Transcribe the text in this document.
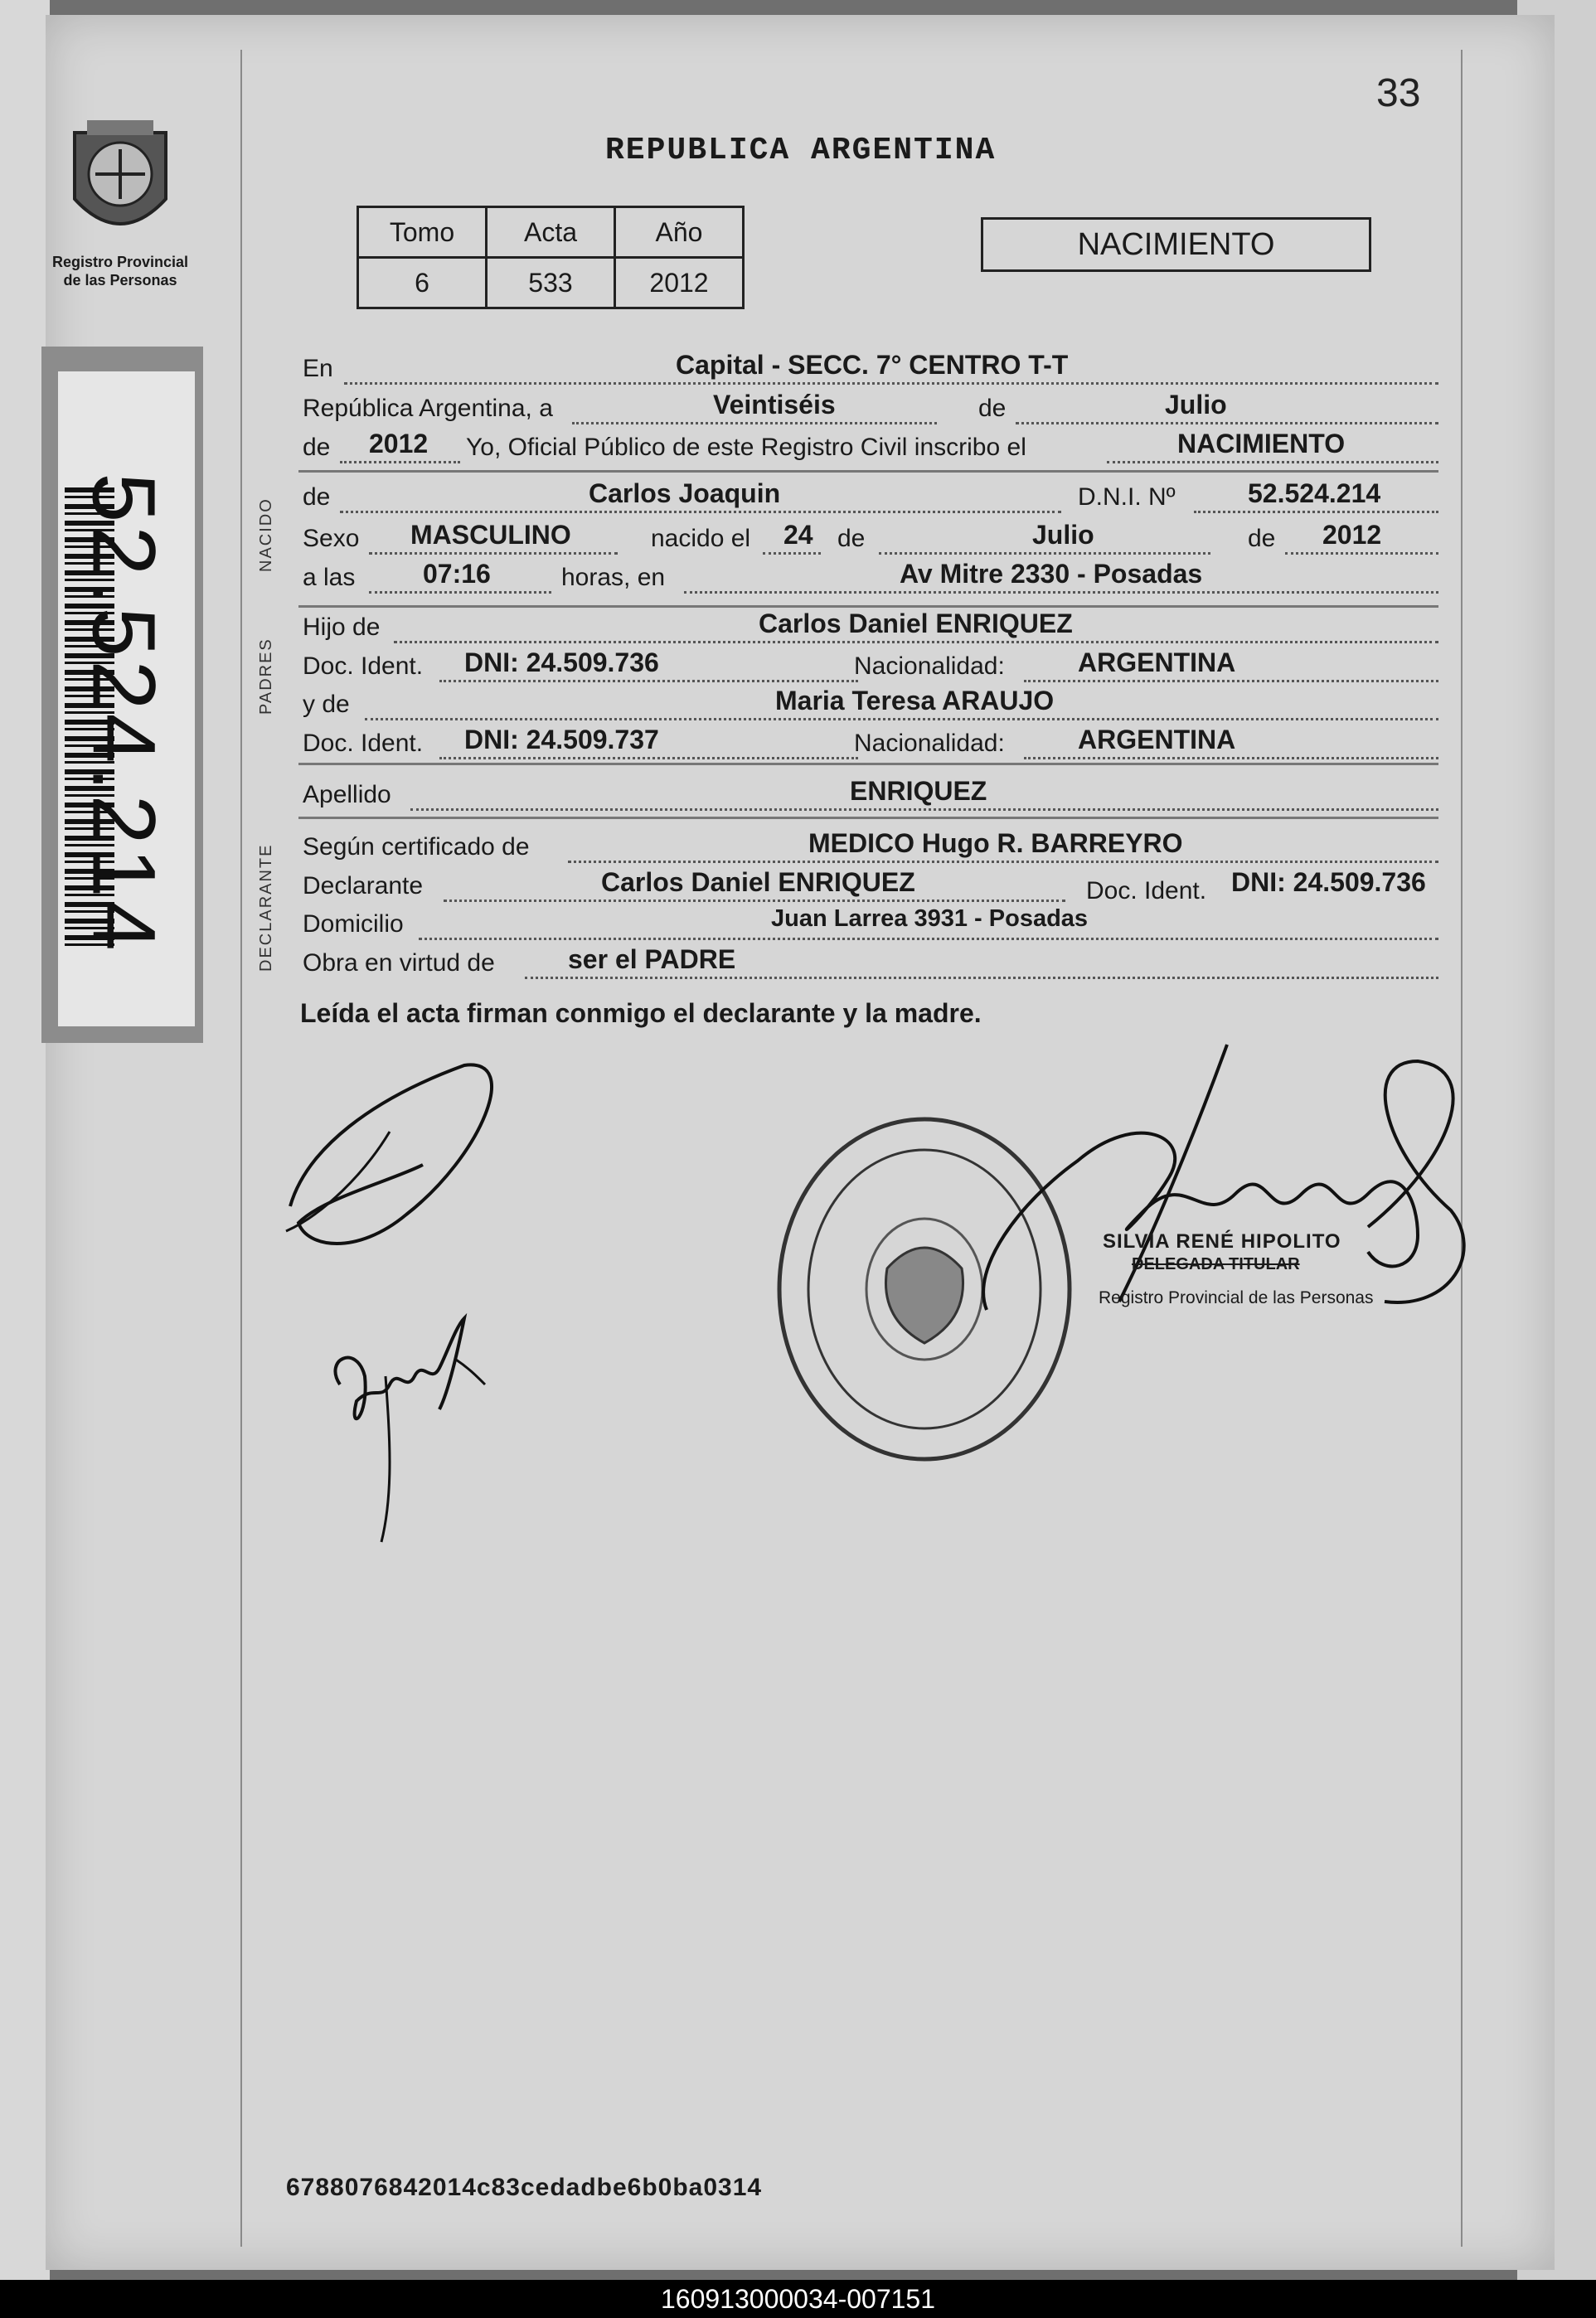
33
REPUBLICA ARGENTINA
Registro Provincial
de las Personas
52.524.214
Tomo	Acta	Año
6	533	2012
NACIMIENTO
NACIDO
PADRES
DECLARANTE
En	Capital - SECC. 7° CENTRO T-T
República Argentina, a	Veintiséis	de	Julio
de 2012 Yo, Oficial Público de este Registro Civil inscribo el	NACIMIENTO
de	Carlos Joaquin	D.N.I. Nº	52.524.214
Sexo MASCULINO	nacido el 24 de	Julio	de 2012
a las	07:16	horas, en	Av Mitre 2330 - Posadas
Hijo de	Carlos Daniel ENRIQUEZ
Doc. Ident. DNI: 24.509.736	Nacionalidad:	ARGENTINA
y de	Maria Teresa ARAUJO
Doc. Ident. DNI: 24.509.737	Nacionalidad:	ARGENTINA
Apellido	ENRIQUEZ
Según certificado de	MEDICO Hugo R. BARREYRO
Declarante	Carlos Daniel ENRIQUEZ	Doc. Ident. DNI: 24.509.736
Domicilio	Juan Larrea 3931 - Posadas
Obra en virtud de	ser el PADRE
Leída el acta firman conmigo el declarante y la madre.
SILVIA RENÉ HIPOLITO
DELEGADA TITULAR
Registro Provincial de las Personas
6788076842014c83cedadbe6b0ba0314
160913000034-007151
